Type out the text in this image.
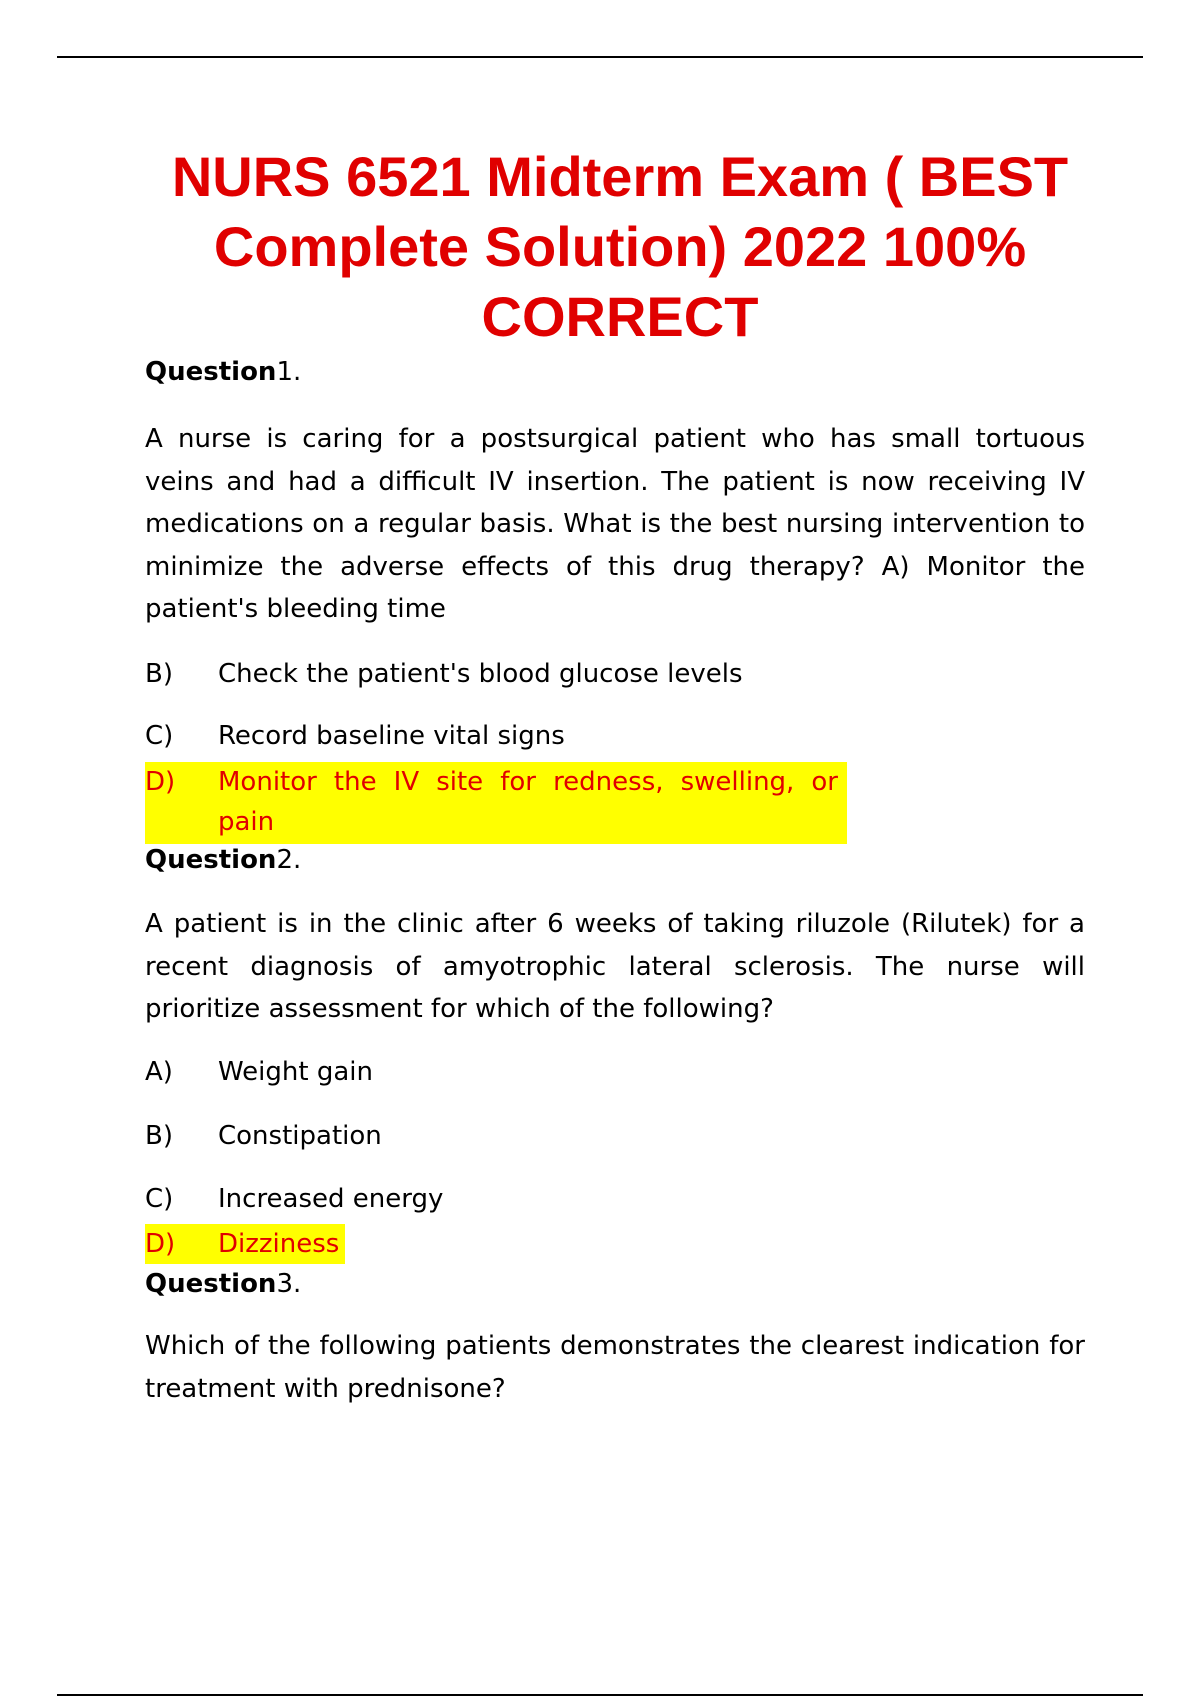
NURS 6521 Midterm Exam ( BEST Complete Solution) 2022 100% CORRECT

Question1.

A nurse is caring for a postsurgical patient who has small tortuous veins and had a difficult IV insertion. The patient is now receiving IV medications on a regular basis. What is the best nursing intervention to minimize the adverse effects of this drug therapy? A) Monitor the patient's bleeding time

B)	Check the patient's blood glucose levels
C)	Record baseline vital signs
D)	Monitor the IV site for redness, swelling, or pain

Question2.

A patient is in the clinic after 6 weeks of taking riluzole (Rilutek) for a recent diagnosis of amyotrophic lateral sclerosis. The nurse will prioritize assessment for which of the following?

A)	Weight gain
B)	Constipation
C)	Increased energy
D)	Dizziness

Question3.

Which of the following patients demonstrates the clearest indication for treatment with prednisone?
